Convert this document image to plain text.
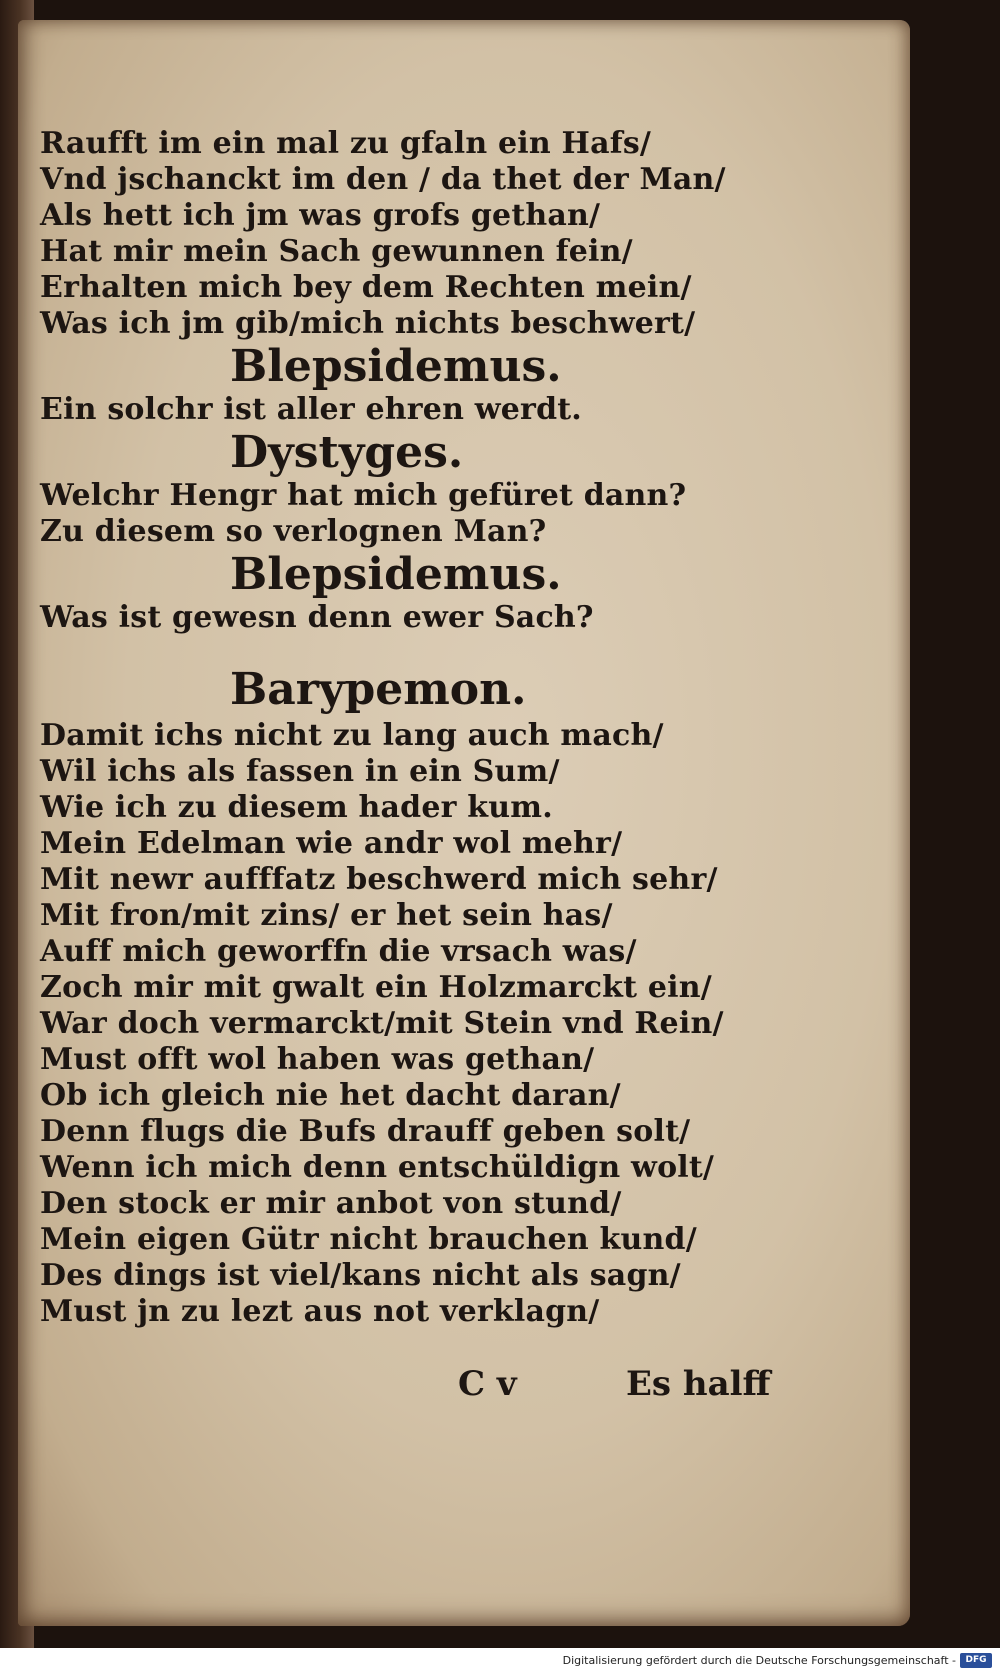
Raufft im ein mal zu gfaln ein Hafs/
Vnd jschanckt im den / da thet der Man/
Als hett ich jm was grofs gethan/
Hat mir mein Sach gewunnen fein/
Erhalten mich bey dem Rechten mein/
Was ich jm gib/mich nichts beschwert/
Blepsidemus.
Ein solchr ist aller ehren werdt.
Dystyges.
Welchr Hengr hat mich gefüret dann?
Zu diesem so verlognen Man?
Blepsidemus.
Was ist gewesn denn ewer Sach?
Barypemon.
Damit ichs nicht zu lang auch mach/
Wil ichs als fassen in ein Sum/
Wie ich zu diesem hader kum.
Mein Edelman wie andr wol mehr/
Mit newr aufffatz beschwerd mich sehr/
Mit fron/mit zins/ er het sein has/
Auff mich geworffn die vrsach was/
Zoch mir mit gwalt ein Holzmarckt ein/
War doch vermarckt/mit Stein vnd Rein/
Must offt wol haben was gethan/
Ob ich gleich nie het dacht daran/
Denn flugs die Bufs drauff geben solt/
Wenn ich mich denn entschüldign wolt/
Den stock er mir anbot von stund/
Mein eigen Gütr nicht brauchen kund/
Des dings ist viel/kans nicht als sagn/
Must jn zu lezt aus not verklagn/
C v	Es halff
Digitalisierung gefördert durch die Deutsche Forschungsgemeinschaft -	DFG
